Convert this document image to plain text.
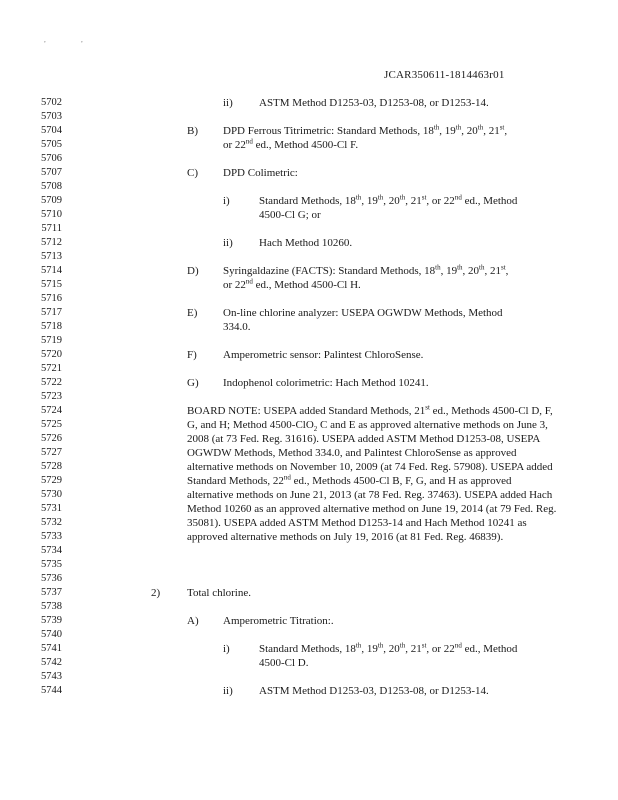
,	,
JCAR350611-1814463r01
5702
5703
5704
5705
5706
5707
5708
5709
5710
5711
5712
5713
5714
5715
5716
5717
5718
5719
5720
5721
5722
5723
5724
5725
5726
5727
5728
5729
5730
5731
5732
5733
5734
5735
5736
5737
5738
5739
5740
5741
5742
5743
5744
ii) ASTM Method D1253-03, D1253-08, or D1253-14.
B) DPD Ferrous Titrimetric: Standard Methods, 18th, 19th, 20th, 21st,
or 22nd ed., Method 4500-Cl F.
C) DPD Colimetric:
i)	Standard Methods, 18th, 19th, 20th, 21st, or 22nd ed., Method
4500-Cl G; or
ii) Hach Method 10260.
D) Syringaldazine (FACTS): Standard Methods, 18th, 19th, 20th, 21st,
or 22nd ed., Method 4500-Cl H.
E) On-line chlorine analyzer: USEPA OGWDW Methods, Method
334.0.
F) Amperometric sensor: Palintest ChloroSense.
G) Indophenol colorimetric: Hach Method 10241.
BOARD NOTE: USEPA added Standard Methods, 21st ed., Methods 4500-Cl D, F, G, and H; Method 4500-ClO$_2$ C and E as approved alternative methods on June 3, 2008 (at 73 Fed. Reg. 31616). USEPA added ASTM Method D1253-08, USEPA OGWDW Methods, Method 334.0, and Palintest ChloroSense as approved alternative methods on November 10, 2009 (at 74 Fed. Reg. 57908). USEPA added Standard Methods, 22nd ed., Methods 4500-Cl B, F, G, and H as approved alternative methods on June 21, 2013 (at 78 Fed. Reg. 37463). USEPA added Hach Method 10260 as an approved alternative method on June 19, 2014 (at 79 Fed. Reg. 35081). USEPA added ASTM Method D1253-14 and Hach Method 10241 as approved alternative methods on July 19, 2016 (at 81 Fed. Reg. 46839).
2) Total chlorine.
A) Amperometric Titration:.
i)	Standard Methods, 18th, 19th, 20th, 21st, or 22nd ed., Method
4500-Cl D.
ii) ASTM Method D1253-03, D1253-08, or D1253-14.
